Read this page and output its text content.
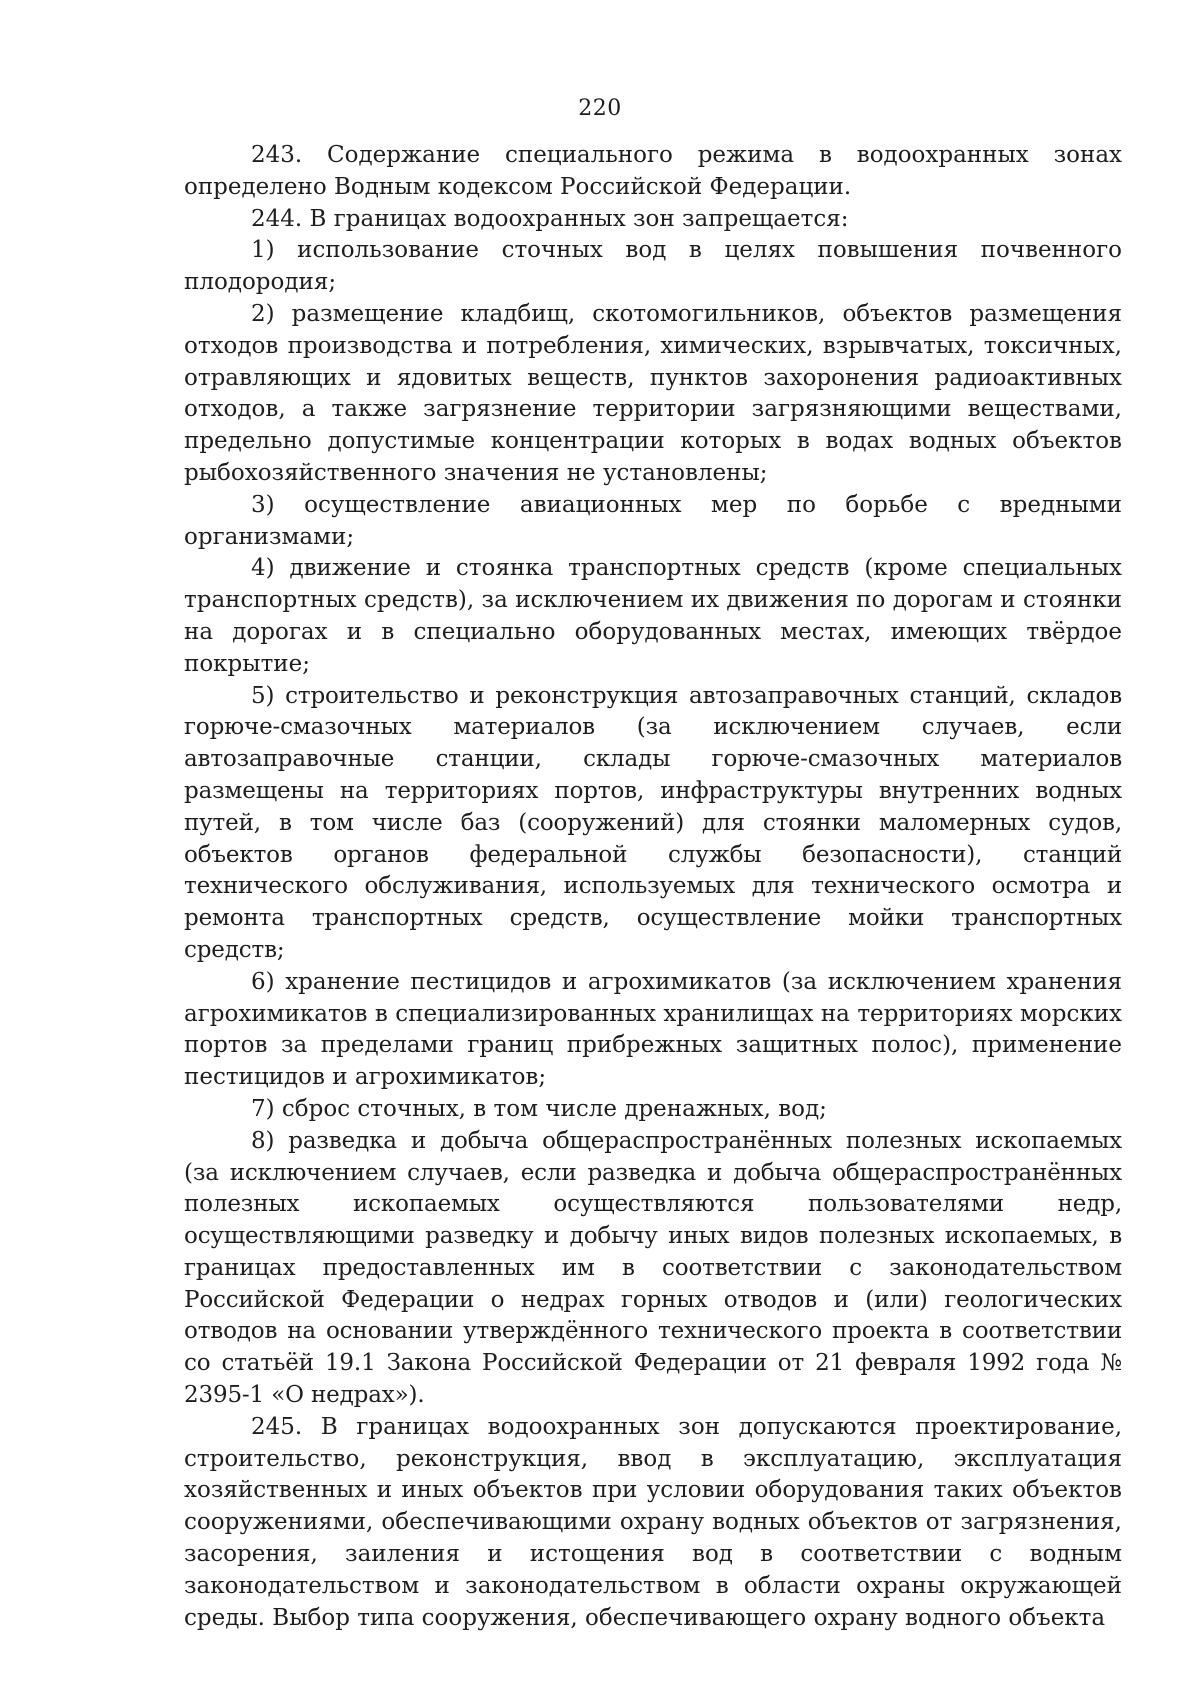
220

243. Содержание специального режима в водоохранных зонах определено Водным кодексом Российской Федерации.

244. В границах водоохранных зон запрещается:

1) использование сточных вод в целях повышения почвенного плодородия;

2) размещение кладбищ, скотомогильников, объектов размещения отходов производства и потребления, химических, взрывчатых, токсичных, отравляющих и ядовитых веществ, пунктов захоронения радиоактивных отходов, а также загрязнение территории загрязняющими веществами, предельно допустимые концентрации которых в водах водных объектов рыбохозяйственного значения не установлены;

3) осуществление авиационных мер по борьбе с вредными организмами;

4) движение и стоянка транспортных средств (кроме специальных транспортных средств), за исключением их движения по дорогам и стоянки на дорогах и в специально оборудованных местах, имеющих твёрдое покрытие;

5) строительство и реконструкция автозаправочных станций, складов горюче-смазочных материалов (за исключением случаев, если автозаправочные станции, склады горюче-смазочных материалов размещены на территориях портов, инфраструктуры внутренних водных путей, в том числе баз (сооружений) для стоянки маломерных судов, объектов органов федеральной службы безопасности), станций технического обслуживания, используемых для технического осмотра и ремонта транспортных средств, осуществление мойки транспортных средств;

6) хранение пестицидов и агрохимикатов (за исключением хранения агрохимикатов в специализированных хранилищах на территориях морских портов за пределами границ прибрежных защитных полос), применение пестицидов и агрохимикатов;

7) сброс сточных, в том числе дренажных, вод;

8) разведка и добыча общераспространённых полезных ископаемых (за исключением случаев, если разведка и добыча общераспространённых полезных ископаемых осуществляются пользователями недр, осуществляющими разведку и добычу иных видов полезных ископаемых, в границах предоставленных им в соответствии с законодательством Российской Федерации о недрах горных отводов и (или) геологических отводов на основании утверждённого технического проекта в соответствии со статьёй 19.1 Закона Российской Федерации от 21 февраля 1992 года № 2395-1 «О недрах»).

245. В границах водоохранных зон допускаются проектирование, строительство, реконструкция, ввод в эксплуатацию, эксплуатация хозяйственных и иных объектов при условии оборудования таких объектов сооружениями, обеспечивающими охрану водных объектов от загрязнения, засорения, заиления и истощения вод в соответствии с водным законодательством и законодательством в области охраны окружающей среды. Выбор типа сооружения, обеспечивающего охрану водного объекта
